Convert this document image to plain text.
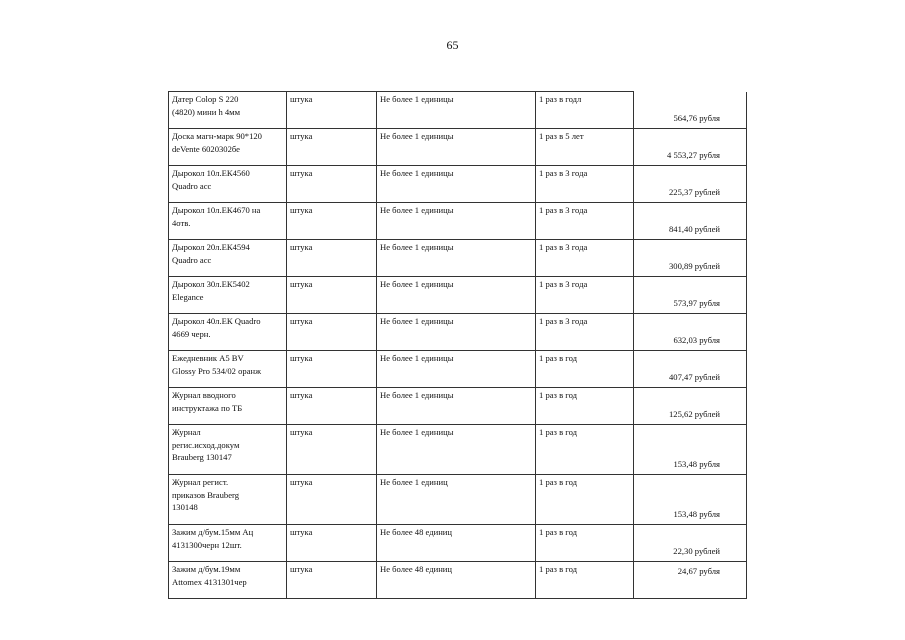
65
Датер Colop S 220
(4820) мини h 4мм	штука	Не более 1 единицы	1 раз в годл	564,76 рубля
Доска магн-марк 90*120
deVente 6020302бе	штука	Не более 1 единицы	1 раз в 5 лет	4 553,27 рубля
Дырокол 10л.ЕК4560
Quadro асс	штука	Не более 1 единицы	1 раз в 3 года	225,37 рублей
Дырокол 10л.ЕК4670 на
4отв.	штука	Не более 1 единицы	1 раз в 3 года	841,40 рублей
Дырокол 20л.ЕК4594
Quadro асс	штука	Не более 1 единицы	1 раз в 3 года	300,89 рублей
Дырокол 30л.ЕК5402
Elegance	штука	Не более 1 единицы	1 раз в 3 года	573,97 рубля
Дырокол 40л.ЕК Quadro
4669 черн.	штука	Не более 1 единицы	1 раз в 3 года	632,03 рубля
Ежедневник А5 BV
Glossy Pro 534/02 оранж	штука	Не более 1 единицы	1 раз в год	407,47 рублей
Журнал вводного
инструктажа по ТБ	штука	Не более 1 единицы	1 раз в год	125,62 рублей
Журнал
регис.исход.докум
Brauberg 130147	штука	Не более 1 единицы	1 раз в год	153,48 рубля
Журнал регист.
приказов Brauberg
130148	штука	Не более 1 единиц	1 раз в год	153,48 рубля
Зажим д/бум.15мм Ац
4131300черн 12шт.	штука	Не более 48 единиц	1 раз в год	22,30 рублей
Зажим д/бум.19мм
Attomex 4131301чер	штука	Не более 48 единиц	1 раз в год	24,67 рубля
